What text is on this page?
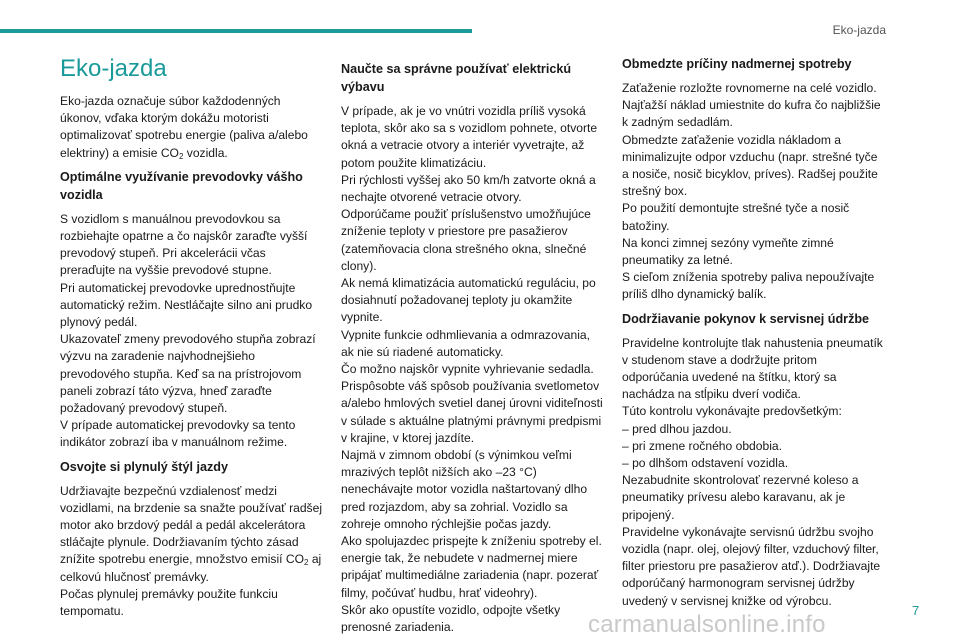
Eko-jazda
Eko-jazda

Eko-jazda označuje súbor každodenných úkonov, vďaka ktorým dokážu motoristi optimalizovať spotrebu energie (paliva a/alebo elektriny) a emisie $CO_2$ vozidla.

Optimálne využívanie prevodovky vášho vozidla

S vozidlom s manuálnou prevodovkou sa rozbiehajte opatrne a čo najskôr zaraďte vyšší prevodový stupeň. Pri akcelerácii včas preraďujte na vyššie prevodové stupne.
Pri automatickej prevodovke uprednostňujte automatický režim. Nestláčajte silno ani prudko plynový pedál.
Ukazovateľ zmeny prevodového stupňa zobrazí výzvu na zaradenie najvhodnejšieho prevodového stupňa. Keď sa na prístrojovom paneli zobrazí táto výzva, hneď zaraďte požadovaný prevodový stupeň.
V prípade automatickej prevodovky sa tento indikátor zobrazí iba v manuálnom režime.

Osvojte si plynulý štýl jazdy

Udržiavajte bezpečnú vzdialenosť medzi vozidlami, na brzdenie sa snažte používať radšej motor ako brzdový pedál a pedál akcelerátora stláčajte plynule. Dodržiavaním týchto zásad znížite spotrebu energie, množstvo emisií $CO_2$ aj celkovú hlučnosť premávky.
Počas plynulej premávky použite funkciu tempomatu.

Naučte sa správne používať elektrickú výbavu

V prípade, ak je vo vnútri vozidla príliš vysoká teplota, skôr ako sa s vozidlom pohnete, otvorte okná a vetracie otvory a interiér vyvetrajte, až potom použite klimatizáciu.
Pri rýchlosti vyššej ako 50 km/h zatvorte okná a nechajte otvorené vetracie otvory.
Odporúčame použiť príslušenstvo umožňujúce zníženie teploty v priestore pre pasažierov (zatemňovacia clona strešného okna, slnečné clony).
Ak nemá klimatizácia automatickú reguláciu, po dosiahnutí požadovanej teploty ju okamžite vypnite.
Vypnite funkcie odhmlievania a odmrazovania, ak nie sú riadené automaticky.
Čo možno najskôr vypnite vyhrievanie sedadla.
Prispôsobte váš spôsob používania svetlometov a/alebo hmlových svetiel danej úrovni viditeľnosti v súlade s aktuálne platnými právnymi predpismi v krajine, v ktorej jazdíte.
Najmä v zimnom období (s výnimkou veľmi mrazivých teplôt nižších ako –23 °C) nenechávajte motor vozidla naštartovaný dlho pred rozjazdom, aby sa zohrial. Vozidlo sa zohreje omnoho rýchlejšie počas jazdy.
Ako spolujazdec prispejte k zníženiu spotreby el. energie tak, že nebudete v nadmernej miere pripájať multimediálne zariadenia (napr. pozerať filmy, počúvať hudbu, hrať videohry).
Skôr ako opustíte vozidlo, odpojte všetky prenosné zariadenia.

Obmedzte príčiny nadmernej spotreby

Zaťaženie rozložte rovnomerne na celé vozidlo. Najťažší náklad umiestnite do kufra čo najbližšie k zadným sedadlám.
Obmedzte zaťaženie vozidla nákladom a minimalizujte odpor vzduchu (napr. strešné tyče a nosiče, nosič bicyklov, príves). Radšej použite strešný box.
Po použití demontujte strešné tyče a nosič batožiny.
Na konci zimnej sezóny vymeňte zimné pneumatiky za letné.
S cieľom zníženia spotreby paliva nepoužívajte príliš dlho dynamický balík.

Dodržiavanie pokynov k servisnej údržbe

Pravidelne kontrolujte tlak nahustenia pneumatík v studenom stave a dodržujte pritom odporúčania uvedené na štítku, ktorý sa nachádza na stĺpiku dverí vodiča.
Túto kontrolu vykonávajte predovšetkým:
– pred dlhou jazdou.
– pri zmene ročného obdobia.
– po dlhšom odstavení vozidla.
Nezabudnite skontrolovať rezervné koleso a pneumatiky prívesu alebo karavanu, ak je pripojený.
Pravidelne vykonávajte servisnú údržbu svojho vozidla (napr. olej, olejový filter, vzduchový filter, filter priestoru pre pasažierov atď.). Dodržiavajte odporúčaný harmonogram servisnej údržby uvedený v servisnej knižke od výrobcu.

7
carmanualsonline.info
